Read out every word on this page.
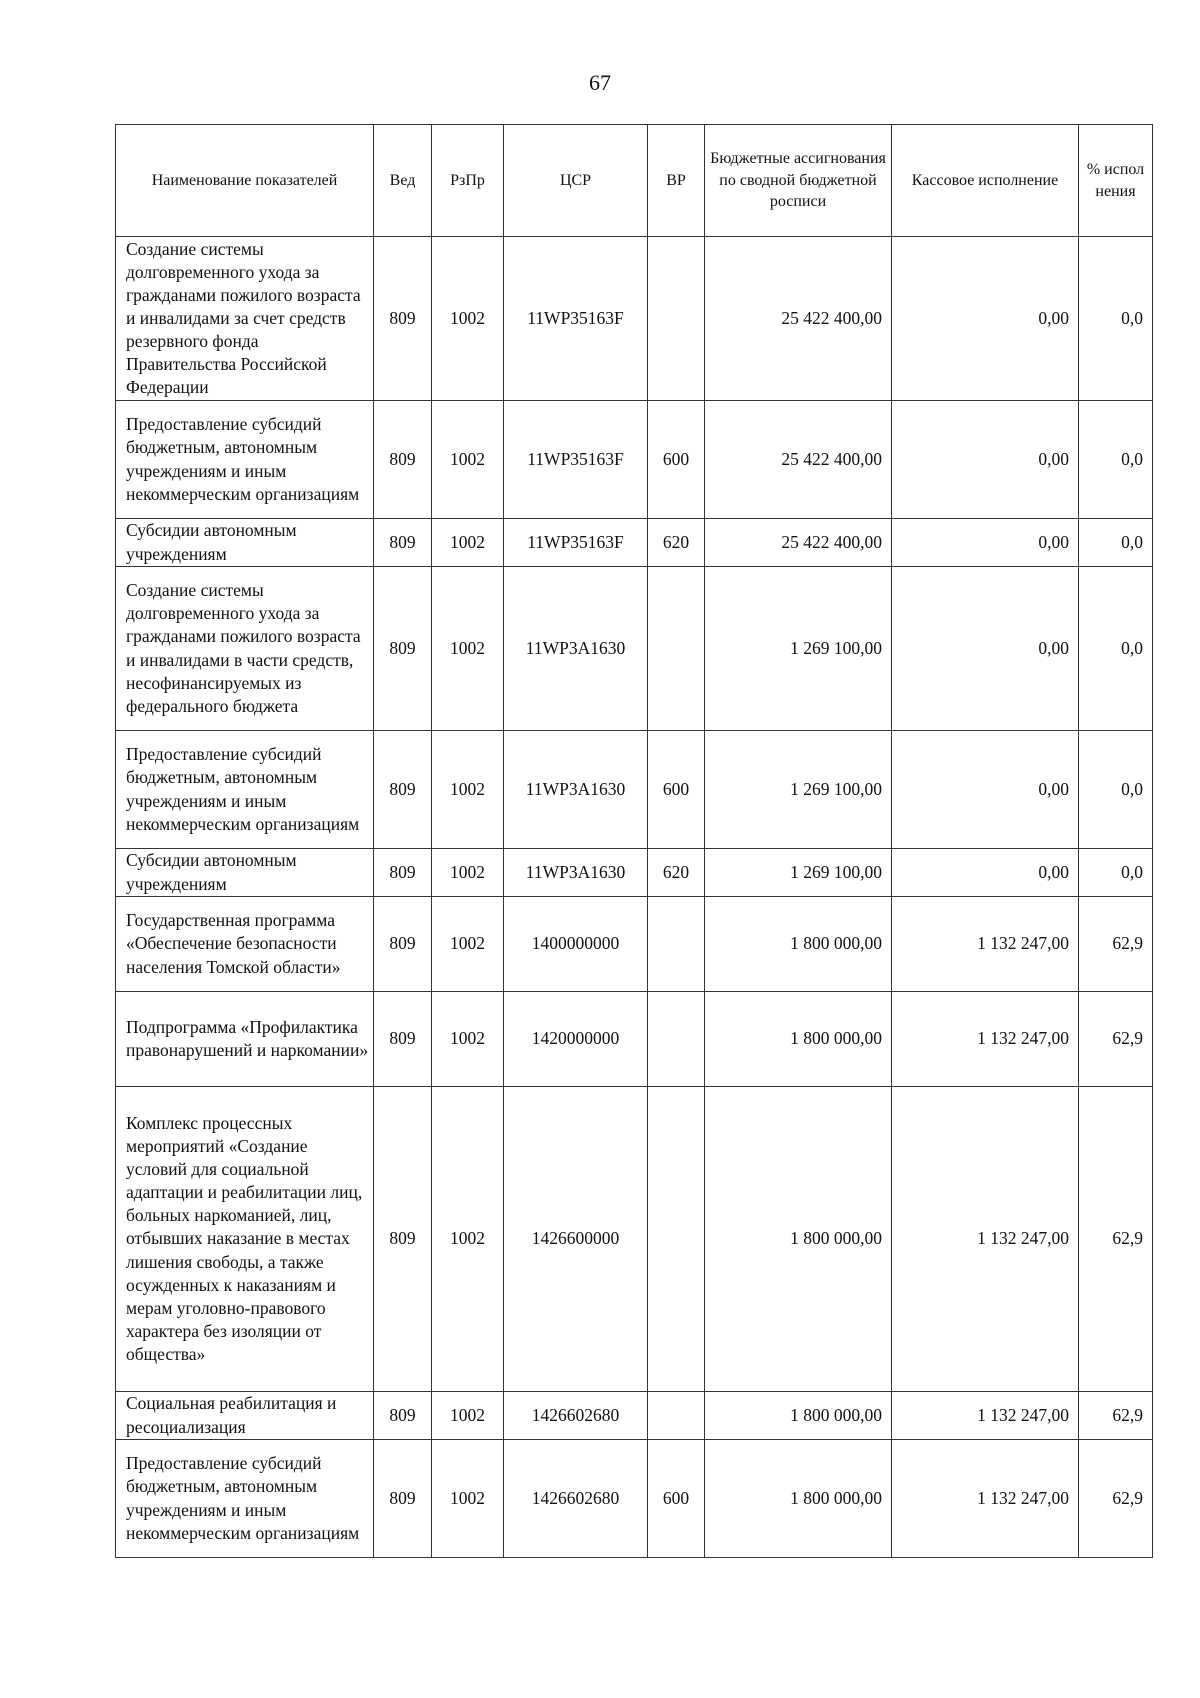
67
Наименование показателей	Вед	РзПр	ЦСР	ВР	Бюджетные ассигнования по сводной бюджетной росписи	Кассовое исполнение	% испол нения
Создание системы долговременного ухода за гражданами пожилого возраста и инвалидами за счет средств резервного фонда Правительства Российской Федерации	809	1002	11WP35163F		25 422 400,00	0,00	0,0
Предоставление субсидий бюджетным, автономным учреждениям и иным некоммерческим организациям	809	1002	11WP35163F	600	25 422 400,00	0,00	0,0
Субсидии автономным учреждениям	809	1002	11WP35163F	620	25 422 400,00	0,00	0,0
Создание системы долговременного ухода за гражданами пожилого возраста и инвалидами в части средств, несофинансируемых из федерального бюджета	809	1002	11WP3A1630		1 269 100,00	0,00	0,0
Предоставление субсидий бюджетным, автономным учреждениям и иным некоммерческим организациям	809	1002	11WP3A1630	600	1 269 100,00	0,00	0,0
Субсидии автономным учреждениям	809	1002	11WP3A1630	620	1 269 100,00	0,00	0,0
Государственная программа «Обеспечение безопасности населения Томской области»	809	1002	1400000000		1 800 000,00	1 132 247,00	62,9
Подпрограмма «Профилактика правонарушений и наркомании»	809	1002	1420000000		1 800 000,00	1 132 247,00	62,9
Комплекс процессных мероприятий «Создание условий для социальной адаптации и реабилитации лиц, больных наркоманией, лиц, отбывших наказание в местах лишения свободы, а также осужденных к наказаниям и мерам уголовно-правового характера без изоляции от общества»	809	1002	1426600000		1 800 000,00	1 132 247,00	62,9
Социальная реабилитация и ресоциализация	809	1002	1426602680		1 800 000,00	1 132 247,00	62,9
Предоставление субсидий бюджетным, автономным учреждениям и иным некоммерческим организациям	809	1002	1426602680	600	1 800 000,00	1 132 247,00	62,9
